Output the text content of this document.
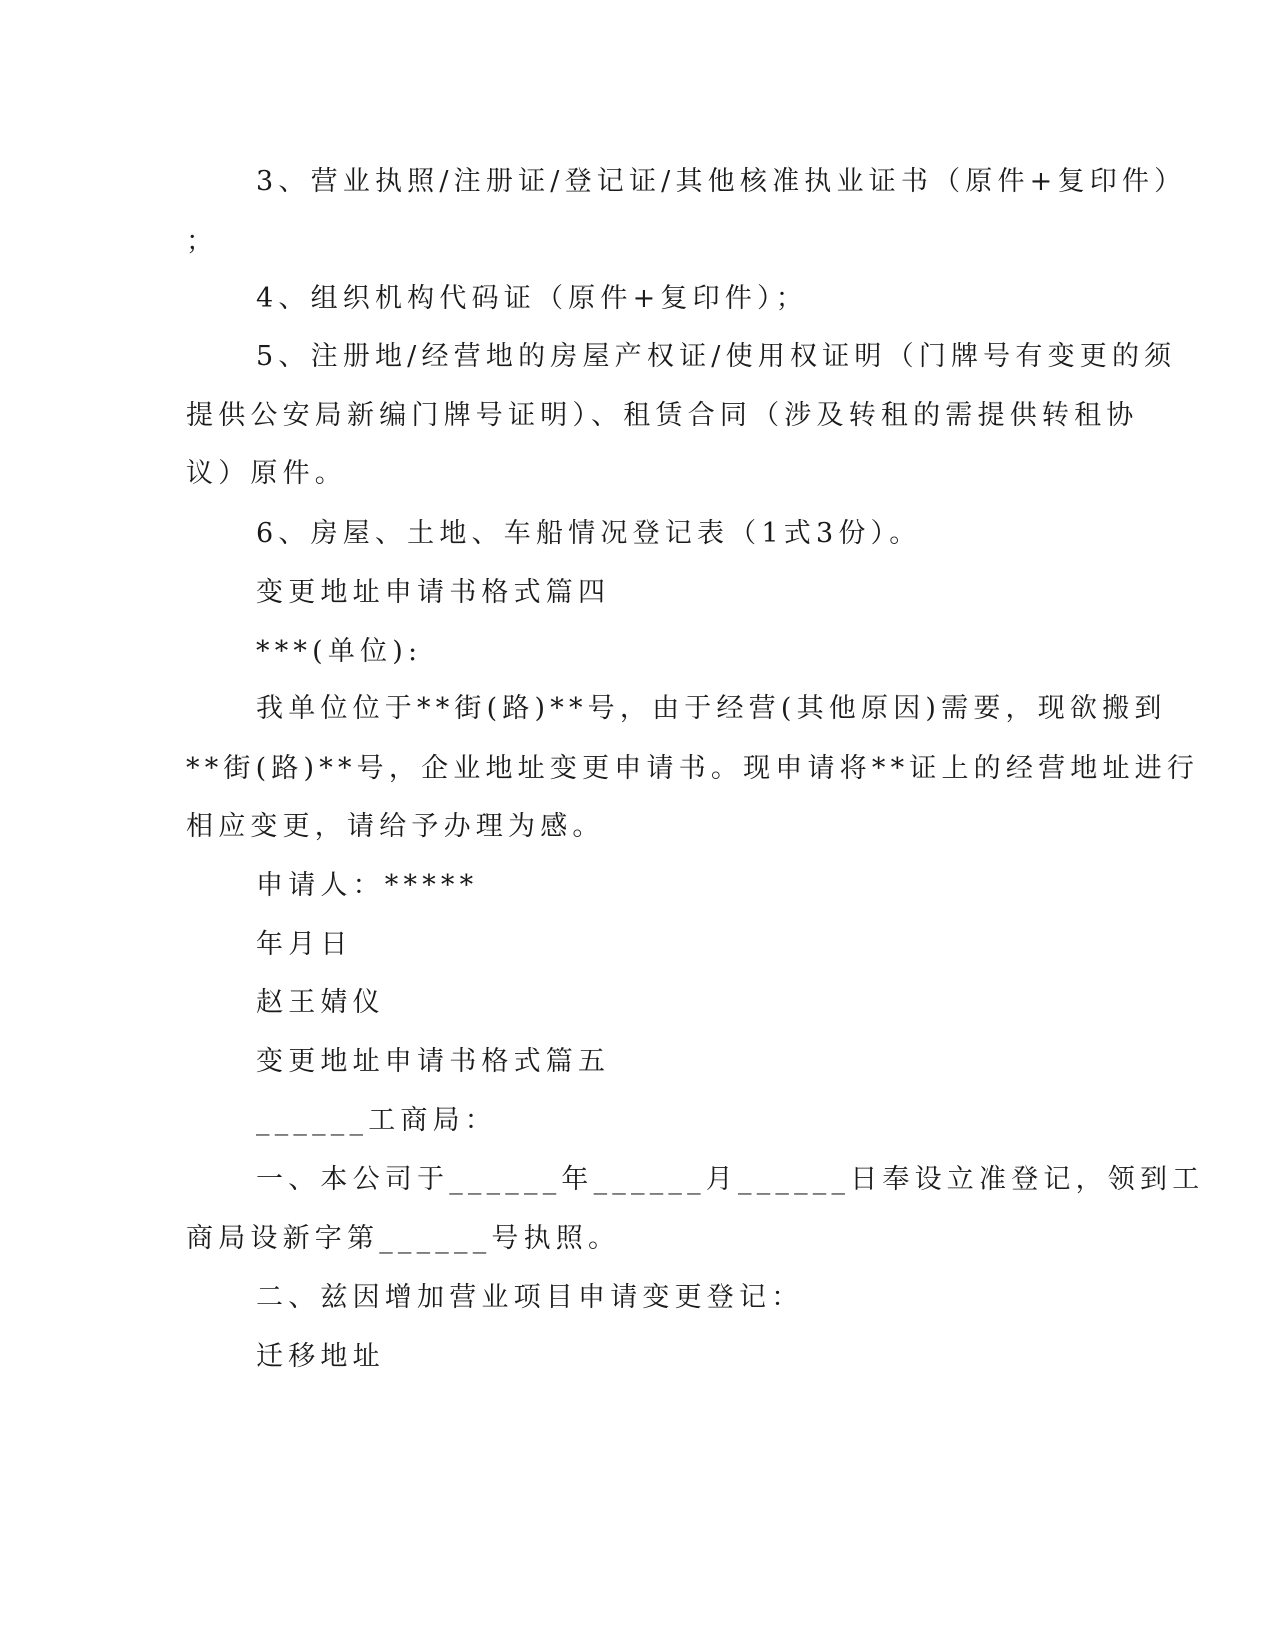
3、营业执照/注册证/登记证/其他核准执业证书（原件+复印件）
；
4、组织机构代码证（原件+复印件）；
5、注册地/经营地的房屋产权证/使用权证明（门牌号有变更的须
提供公安局新编门牌号证明）、租赁合同（涉及转租的需提供转租协
议）原件。
6、房屋、土地、车船情况登记表（1式3份）。
变更地址申请书格式篇四
***(单位):
我单位位于**街(路)**号，由于经营(其他原因)需要，现欲搬到
**街(路)**号，企业地址变更申请书。现申请将**证上的经营地址进行
相应变更，请给予办理为感。
申请人：*****
年月日
赵王婧仪
变更地址申请书格式篇五
______工商局：
一、本公司于______年______月______日奉设立准登记，领到工
商局设新字第______号执照。
二、兹因增加营业项目申请变更登记：
迁移地址
